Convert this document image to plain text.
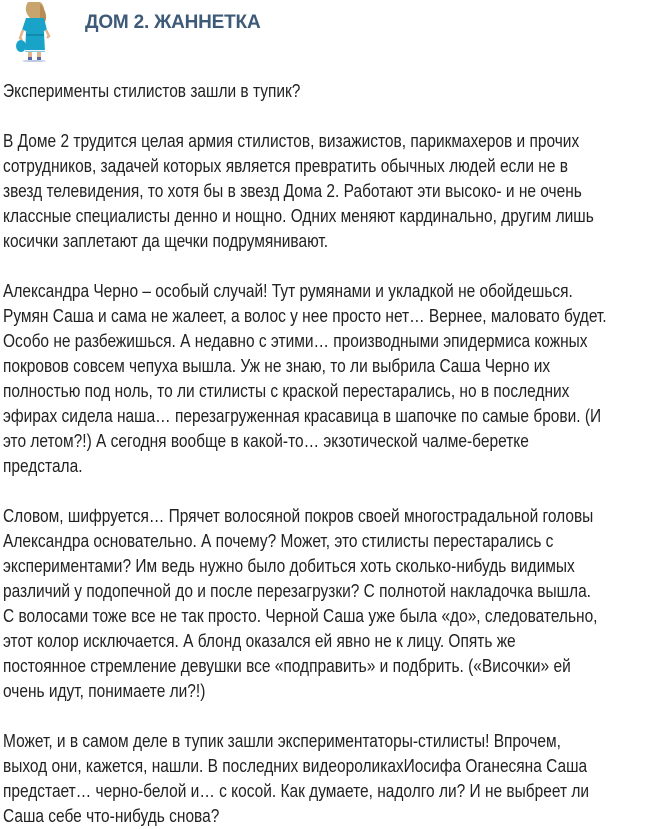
ДОМ 2. ЖАННЕТКА
Эксперименты стилистов зашли в тупик?
В Доме 2 трудится целая армия стилистов, визажистов, парикмахеров и прочих
сотрудников, задачей которых является превратить обычных людей если не в
звезд телевидения, то хотя бы в звезд Дома 2. Работают эти высоко- и не очень
классные специалисты денно и нощно. Одних меняют кардинально, другим лишь
косички заплетают да щечки подрумянивают.
Александра Черно – особый случай! Тут румянами и укладкой не обойдешься.
Румян Саша и сама не жалеет, а волос у нее просто нет… Вернее, маловато будет.
Особо не разбежишься. А недавно с этими… производными эпидермиса кожных
покровов совсем чепуха вышла. Уж не знаю, то ли выбрила Саша Черно их
полностью под ноль, то ли стилисты с краской перестарались, но в последних
эфирах сидела наша… перезагруженная красавица в шапочке по самые брови. (И
это летом?!) А сегодня вообще в какой-то… экзотической чалме-беретке
предстала.
Словом, шифруется… Прячет волосяной покров своей многострадальной головы
Александра основательно. А почему? Может, это стилисты перестарались с
экспериментами? Им ведь нужно было добиться хоть сколько-нибудь видимых
различий у подопечной до и после перезагрузки? С полнотой накладочка вышла.
С волосами тоже все не так просто. Черной Саша уже была «до», следовательно,
этот колор исключается. А блонд оказался ей явно не к лицу. Опять же
постоянное стремление девушки все «подправить» и подбрить. («Височки» ей
очень идут, понимаете ли?!)
Может, и в самом деле в тупик зашли экспериментаторы-стилисты! Впрочем,
выход они, кажется, нашли. В последних видеороликахИосифа Оганесяна Саша
предстает… черно-белой и… с косой. Как думаете, надолго ли? И не выбреет ли
Саша себе что-нибудь снова?
